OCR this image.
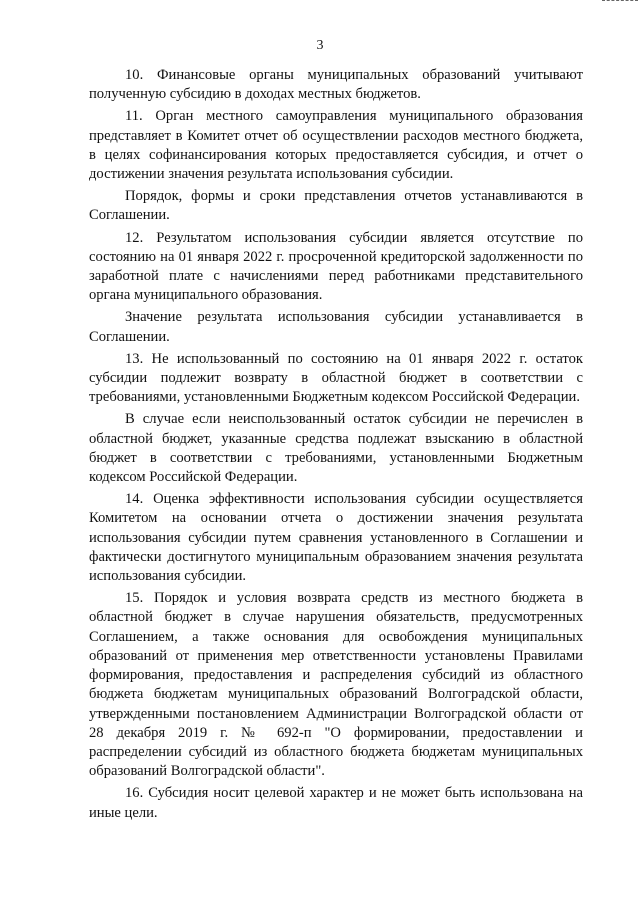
3

10. Финансовые органы муниципальных образований учитывают полученную субсидию в доходах местных бюджетов.

11. Орган местного самоуправления муниципального образования представляет в Комитет отчет об осуществлении расходов местного бюджета, в целях софинансирования которых предоставляется субсидия, и отчет о достижении значения результата использования субсидии.

Порядок, формы и сроки представления отчетов устанавливаются в Соглашении.

12. Результатом использования субсидии является отсутствие по состоянию на 01 января 2022 г. просроченной кредиторской задолженности по заработной плате с начислениями перед работниками представительного органа муниципального образования.

Значение результата использования субсидии устанавливается в Соглашении.

13. Не использованный по состоянию на 01 января 2022 г. остаток субсидии подлежит возврату в областной бюджет в соответствии с требованиями, установленными Бюджетным кодексом Российской Федерации.

В случае если неиспользованный остаток субсидии не перечислен в областной бюджет, указанные средства подлежат взысканию в областной бюджет в соответствии с требованиями, установленными Бюджетным кодексом Российской Федерации.

14. Оценка эффективности использования субсидии осуществляется Комитетом на основании отчета о достижении значения результата использования субсидии путем сравнения установленного в Соглашении и фактически достигнутого муниципальным образованием значения результата использования субсидии.

15. Порядок и условия возврата средств из местного бюджета в областной бюджет в случае нарушения обязательств, предусмотренных Соглашением, а также основания для освобождения муниципальных образований от применения мер ответственности установлены Правилами формирования, предоставления и распределения субсидий из областного бюджета бюджетам муниципальных образований Волгоградской области, утвержденными постановлением Администрации Волгоградской области от 28 декабря 2019 г. № 692-п "О формировании, предоставлении и распределении субсидий из областного бюджета бюджетам муниципальных образований Волгоградской области".

16. Субсидия носит целевой характер и не может быть использована на иные цели.
